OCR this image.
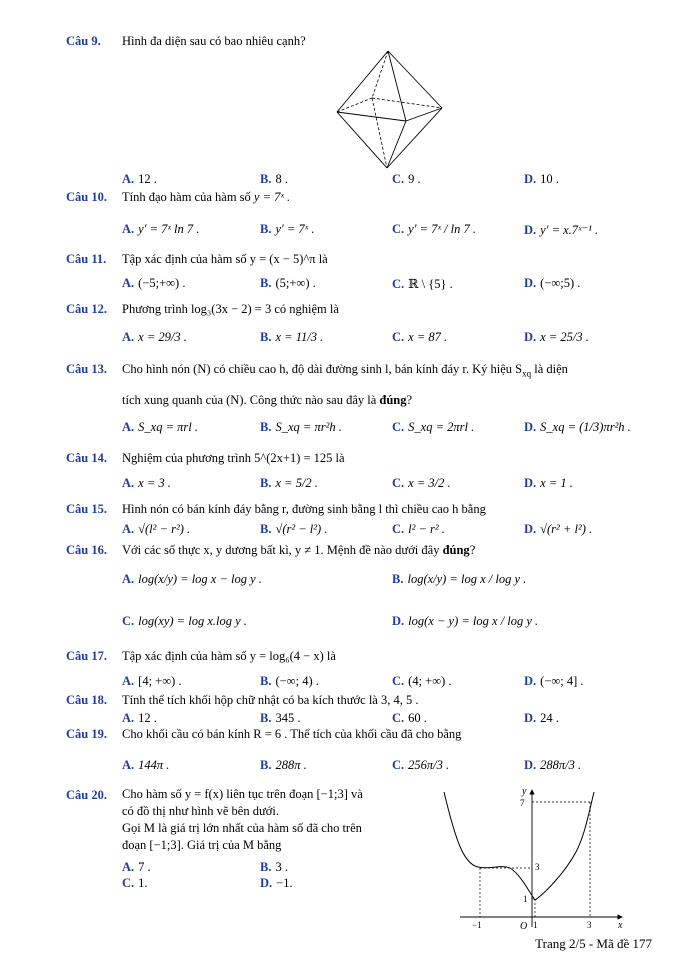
Câu 9. Hình đa diện sau có bao nhiêu cạnh?
A. 12 .	B. 8 .	C. 9 .	D. 10 .
Câu 10. Tính đạo hàm của hàm số y = 7ˣ .
A. y′ = 7ˣ ln 7 .	B. y′ = 7ˣ .	C. y′ = 7ˣ / ln 7 .	D. y′ = x.7ˣ⁻¹ .
Câu 11. Tập xác định của hàm số y = (x − 5)^π là
A. (−5;+∞) .	B. (5;+∞) .	C. ℝ \ {5} .	D. (−∞;5) .
Câu 12. Phương trình log₃(3x − 2) = 3 có nghiệm là
A. x = 29/3 .	B. x = 11/3 .	C. x = 87 .	D. x = 25/3 .
Câu 13. Cho hình nón (N) có chiều cao h, độ dài đường sinh l, bán kính đáy r. Ký hiệu $S_{xq}$ là diện
tích xung quanh của (N). Công thức nào sau đây là đúng?
A. S_xq = πrl .	B. S_xq = πr²h .	C. S_xq = 2πrl .	D. S_xq = (1/3)πr²h .
Câu 14. Nghiệm của phương trình 5^(2x+1) = 125 là
A. x = 3 .	B. x = 5/2 .	C. x = 3/2 .	D. x = 1 .
Câu 15. Hình nón có bán kính đáy bằng r, đường sinh bằng l thì chiều cao h bằng
A. √(l² − r²) .	B. √(r² − l²) .	C. l² − r² .	D. √(r² + l²) .
Câu 16. Với các số thực x, y dương bất kì, y ≠ 1. Mệnh đề nào dưới đây đúng?
A. log(x/y) = log x − log y .	B. log(x/y) = log x / log y .
C. log(xy) = log x.log y .	D. log(x − y) = log x / log y .
Câu 17. Tập xác định của hàm số y = log₆(4 − x) là
A. [4; +∞) .	B. (−∞; 4) .	C. (4; +∞) .	D. (−∞; 4] .
Câu 18. Tính thể tích khối hộp chữ nhật có ba kích thước là 3, 4, 5 .
A. 12 .	B. 345 .	C. 60 .	D. 24 .
Câu 19. Cho khối cầu có bán kính R = 6 . Thể tích của khối cầu đã cho bằng
A. 144π .	B. 288π .	C. 256π/3 .	D. 288π/3 .
Câu 20. Cho hàm số y = f(x) liên tục trên đoạn [−1;3] và
có đồ thị như hình vẽ bên dưới.
Gọi M là giá trị lớn nhất của hàm số đã cho trên
đoạn [−1;3]. Giá trị của M bằng
A. 7 .	B. 3 .
C. 1.	D. −1.
y
x
O
7
3
1
−1	1	3
Trang 2/5 - Mã đề 177
